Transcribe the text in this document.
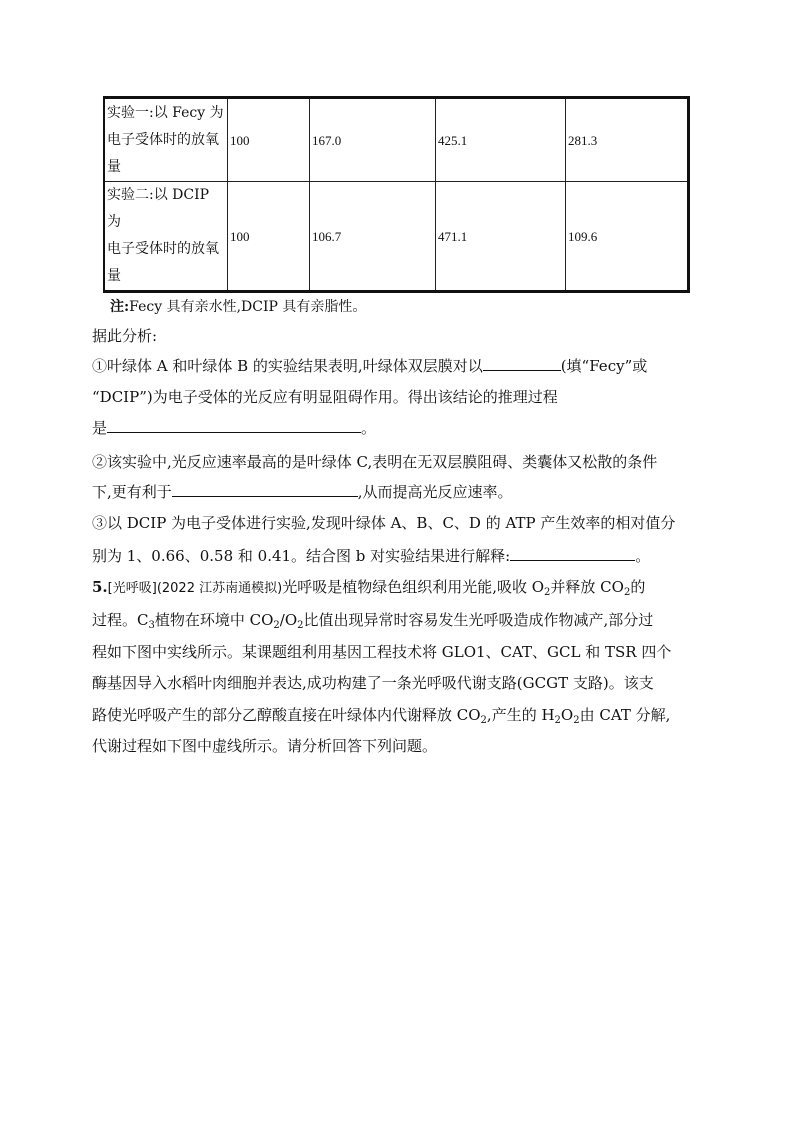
实验一:以 Fecy 为
电子受体时的放氧
量	100	167.0	425.1	281.3
实验二:以 DCIP 为
电子受体时的放氧
量	100	106.7	471.1	109.6
注:Fecy 具有亲水性,DCIP 具有亲脂性。
据此分析:
①叶绿体 A 和叶绿体 B 的实验结果表明,叶绿体双层膜对以	(填“Fecy”或
“DCIP”)为电子受体的光反应有明显阻碍作用。得出该结论的推理过程
是	。
②该实验中,光反应速率最高的是叶绿体 C,表明在无双层膜阻碍、类囊体又松散的条件
下,更有利于	,从而提高光反应速率。
③以 DCIP 为电子受体进行实验,发现叶绿体 A、B、C、D 的 ATP 产生效率的相对值分
别为 1、0.66、0.58 和 0.41。结合图 b 对实验结果进行解释:	。
5.[光呼吸](2022 江苏南通模拟)光呼吸是植物绿色组织利用光能,吸收 $O_2$并释放 $CO_2$的
过程。$C_3$植物在环境中 $CO_2/O_2$比值出现异常时容易发生光呼吸造成作物减产,部分过
程如下图中实线所示。某课题组利用基因工程技术将 GLO1、CAT、GCL 和 TSR 四个
酶基因导入水稻叶肉细胞并表达,成功构建了一条光呼吸代谢支路(GCGT 支路)。该支
路使光呼吸产生的部分乙醇酸直接在叶绿体内代谢释放 $CO_2$,产生的 $H_2O_2$由 CAT 分解,
代谢过程如下图中虚线所示。请分析回答下列问题。
